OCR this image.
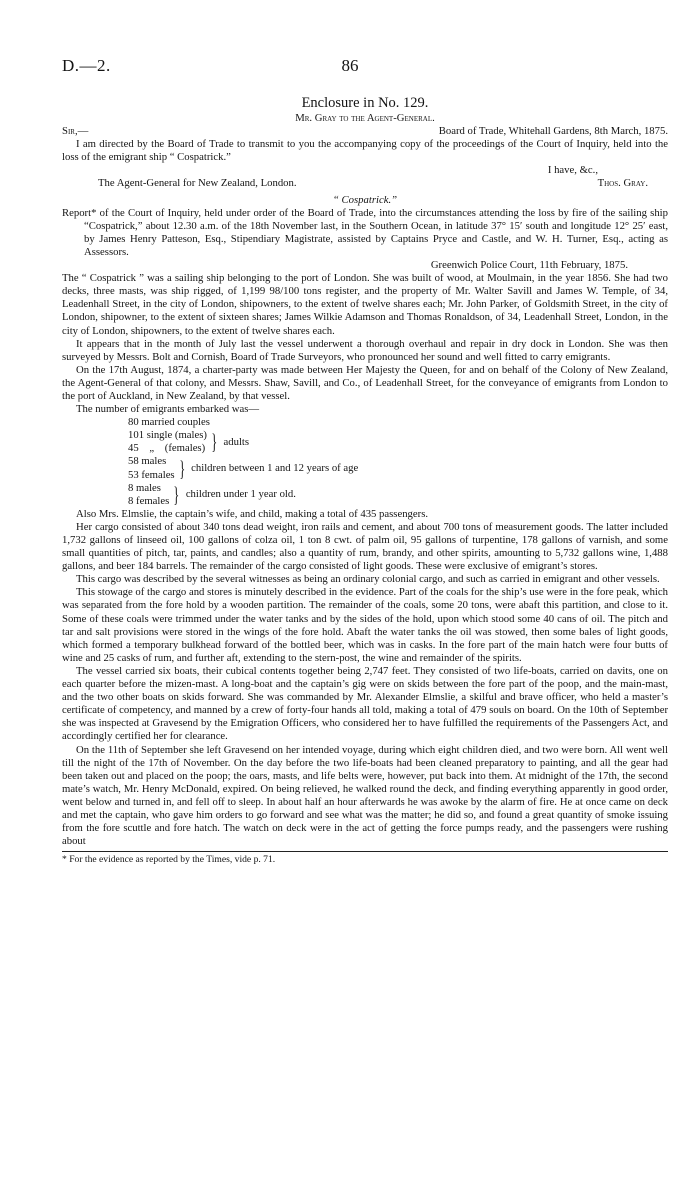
D.—2.	86

Enclosure in No. 129.

Mr. Gray to the Agent-General.

Sir,—	Board of Trade, Whitehall Gardens, 8th March, 1875.

I am directed by the Board of Trade to transmit to you the accompanying copy of the proceedings of the Court of Inquiry, held into the loss of the emigrant ship “ Cospatrick.”

I have, &c.,

The Agent-General for New Zealand, London.	Thos. Gray.

“ Cospatrick.”

Report* of the Court of Inquiry, held under order of the Board of Trade, into the circumstances attending the loss by fire of the sailing ship “Cospatrick,” about 12.30 a.m. of the 18th November last, in the Southern Ocean, in latitude 37° 15′ south and longitude 12° 25′ east, by James Henry Patteson, Esq., Stipendiary Magistrate, assisted by Captains Pryce and Castle, and W. H. Turner, Esq., acting as Assessors.

Greenwich Police Court, 11th February, 1875.

The “ Cospatrick ” was a sailing ship belonging to the port of London. She was built of wood, at Moulmain, in the year 1856. She had two decks, three masts, was ship rigged, of 1,199 98/100 tons register, and the property of Mr. Walter Savill and James W. Temple, of 34, Leadenhall Street, in the city of London, shipowners, to the extent of twelve shares each; Mr. John Parker, of Goldsmith Street, in the city of London, shipowner, to the extent of sixteen shares; James Wilkie Adamson and Thomas Ronaldson, of 34, Leadenhall Street, London, in the city of London, shipowners, to the extent of twelve shares each.

It appears that in the month of July last the vessel underwent a thorough overhaul and repair in dry dock in London. She was then surveyed by Messrs. Bolt and Cornish, Board of Trade Surveyors, who pronounced her sound and well fitted to carry emigrants.

On the 17th August, 1874, a charter-party was made between Her Majesty the Queen, for and on behalf of the Colony of New Zealand, the Agent-General of that colony, and Messrs. Shaw, Savill, and Co., of Leadenhall Street, for the conveyance of emigrants from London to the port of Auckland, in New Zealand, by that vessel.

The number of emigrants embarked was—

80 married couples
101 single (males)
45    „    (females) } adults
58 males
53 females } children between 1 and 12 years of age
8 males
8 females } children under 1 year old.

Also Mrs. Elmslie, the captain’s wife, and child, making a total of 435 passengers.

Her cargo consisted of about 340 tons dead weight, iron rails and cement, and about 700 tons of measurement goods. The latter included 1,732 gallons of linseed oil, 100 gallons of colza oil, 1 ton 8 cwt. of palm oil, 95 gallons of turpentine, 178 gallons of varnish, and some small quantities of pitch, tar, paints, and candles; also a quantity of rum, brandy, and other spirits, amounting to 5,732 gallons wine, 1,488 gallons, and beer 184 barrels. The remainder of the cargo consisted of light goods. These were exclusive of emigrant’s stores.

This cargo was described by the several witnesses as being an ordinary colonial cargo, and such as carried in emigrant and other vessels.

This stowage of the cargo and stores is minutely described in the evidence. Part of the coals for the ship’s use were in the fore peak, which was separated from the fore hold by a wooden partition. The remainder of the coals, some 20 tons, were abaft this partition, and close to it. Some of these coals were trimmed under the water tanks and by the sides of the hold, upon which stood some 40 cans of oil. The pitch and tar and salt provisions were stored in the wings of the fore hold. Abaft the water tanks the oil was stowed, then some bales of light goods, which formed a temporary bulkhead forward of the bottled beer, which was in casks. In the fore part of the main hatch were four butts of wine and 25 casks of rum, and further aft, extending to the stern-post, the wine and remainder of the spirits.

The vessel carried six boats, their cubical contents together being 2,747 feet. They consisted of two life-boats, carried on davits, one on each quarter before the mizen-mast. A long-boat and the captain’s gig were on skids between the fore part of the poop, and the main-mast, and the two other boats on skids forward. She was commanded by Mr. Alexander Elmslie, a skilful and brave officer, who held a master’s certificate of competency, and manned by a crew of forty-four hands all told, making a total of 479 souls on board. On the 10th of September she was inspected at Gravesend by the Emigration Officers, who considered her to have fulfilled the requirements of the Passengers Act, and accordingly certified her for clearance.

On the 11th of September she left Gravesend on her intended voyage, during which eight children died, and two were born. All went well till the night of the 17th of November. On the day before the two life-boats had been cleaned preparatory to painting, and all the gear had been taken out and placed on the poop; the oars, masts, and life belts were, however, put back into them. At midnight of the 17th, the second mate’s watch, Mr. Henry McDonald, expired. On being relieved, he walked round the deck, and finding everything apparently in good order, went below and turned in, and fell off to sleep. In about half an hour afterwards he was awoke by the alarm of fire. He at once came on deck and met the captain, who gave him orders to go forward and see what was the matter; he did so, and found a great quantity of smoke issuing from the fore scuttle and fore hatch. The watch on deck were in the act of getting the force pumps ready, and the passengers were rushing about

* For the evidence as reported by the Times, vide p. 71.
